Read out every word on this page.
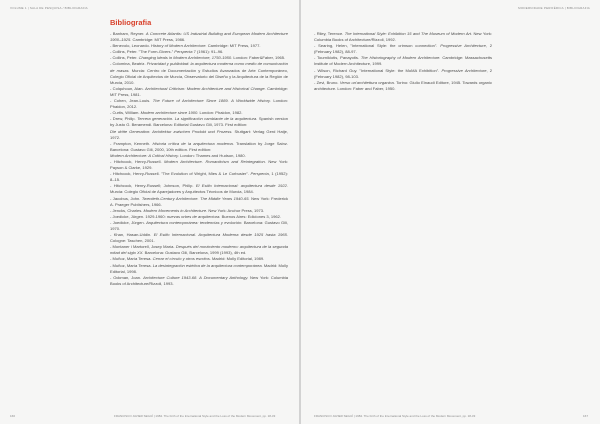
VOLUME 1 | SALA DE PESQUISA / BIBLIOGRAFIA
Bibliografia
- Banham, Reyner. A Concrete Atlantis: US Industrial Building and European Modern Architecture 1900–1925. Cambridge: MIT Press, 1986.
- Benevolo, Leonardo. History of Modern Architecture. Cambridge: MIT Press, 1977.
- Collins, Peter. "The Form-Givers." Perspecta 7 (1961): 91–96.
- Collins, Peter. Changing Ideals in Modern Architecture, 1750-1950. London: Faber&Faber, 1965.
- Colomina, Beatriz. Privacidad y publicidad: la arquitectura moderna como medio de comunicación de masas. Murcia: Centro de Documentación y Estudios Avanzados de Arte Contemporáneo, Colegio Oficial de Arquitectos de Murcia, Observatorio del Diseño y la Arquitectura de la Región de Murcia, 2010.
- Colquhoun, Alan. Architectural Criticism: Modern Architecture and Historical Change. Cambridge: MIT Press, 1981.
- Cohen, Jean-Louis. The Future of Architecture Since 1889. A Worldwide History. London: Phaidon, 2012.
- Curtis, William. Modern architecture since 1900. London: Phaidon, 1982.
- Drew, Philip. Tercera generación. La significación cambiante de la arquitectura. Spanish version by Justo G. Beramendi. Barcelona: Editorial Gustavo Gili, 1973. First edition:
Die dritte Generation: Architektur zwischen Produkt und Prozess. Stuttgart: Verlag Gerd Hatje, 1972.
- Frampton, Kenneth. Historia crítica de la arquitectura moderna. Translation by Jorge Sainz. Barcelona: Gustavo Gili, 2000, 10th edition. First edition:
Modern Architecture: A Critical History. London: Thames and Hudson, 1980.
- Hitchcock, Henry-Russell. Modern Architecture. Romanticism and Reintegration. New York: Payson & Clarke, 1929.
- Hitchcock, Henry-Russell. "The Evolution of Wright, Mies & Le Corbusier". Perspecta, 1 (1952): 8–15.
- Hitchcock, Henry-Russell; Johnson, Philip. El Estilo Internacional: arquitectura desde 1922. Murcia: Colegio Oficial de Aparejadores y Arquitectos Técnicos de Murcia, 1984.
- Jacobus, John. Twentieth-Century Architecture. The Middle Years 1940-65. New York: Frederick A. Praeger Publishers, 1966.
- Jencks, Charles. Modern Movements in Architecture. New York: Anchor Press, 1973.
- Joedicke, Jürgen. 1929-1960: nuevas orbes de arquitectura. Buenos Aires: Ediciones 3, 1962.
- Joedicke, Jürgen. Arquitectura contemporánea: tendencias y evolución. Barcelona: Gustavo Gili, 1970.
- Khan, Hasan-Uddin. El Estilo Internacional. Arquitectura Moderna desde 1925 hasta 1965. Cologne: Taschen, 2001.
- Montaner i Martorell, Josep María. Después del movimiento moderno: arquitectura de la segunda mitad del siglo XX. Barcelona: Gustavo Gili, Barcelona, 1999 (1993), 4th ed.
- Muñoz, María Teresa. Cerrar el círculo y otros escritos. Madrid: Molly Editorial, 1989.
- Muñoz, María Teresa. La desintegración estética de la arquitectura contemporánea. Madrid: Molly Editorial, 1998.
- Ockman, Joan. Architecture Culture 1943-68. A Documentary Anthology. New York: Columbia Books of Architecture/Rizzoli, 1993.
166	FRANCISCO JAVIER SEGUÍ | 1984. The birth of the International Style and the Loss of the Modern Movement, pp. 18-33
MODERNIDADE PERIFÉRICA | BIBLIOGRAFIA
- Riley, Terence. The International Style: Exhibition 15 and The Museum of Modern Art. New York: Columbia Books of Architecture/Rizzoli, 1992.
- Searing, Helen, "International Style: the crimson connection". Progressive Architecture, 2 (February 1982), 88-97.
- Tournikiotis, Panayotis. The Historiography of Modern Architecture. Cambridge: Massachusetts Institute of Modern Architecture, 1999.
- Wilson, Richard Guy. "International Style: the MoMA Exhibition". Progressive Architecture, 2 (February 1982), 98-103.
- Zevi, Bruno. Verso un'architettura organica. Torino: Giulio Einaudi Editore, 1945. Towards organic architecture. London: Faber and Faber, 1950.
FRANCISCO JAVIER SEGUÍ | 1984. The birth of the International Style and the Loss of the Modern Movement, pp. 18-33	167
